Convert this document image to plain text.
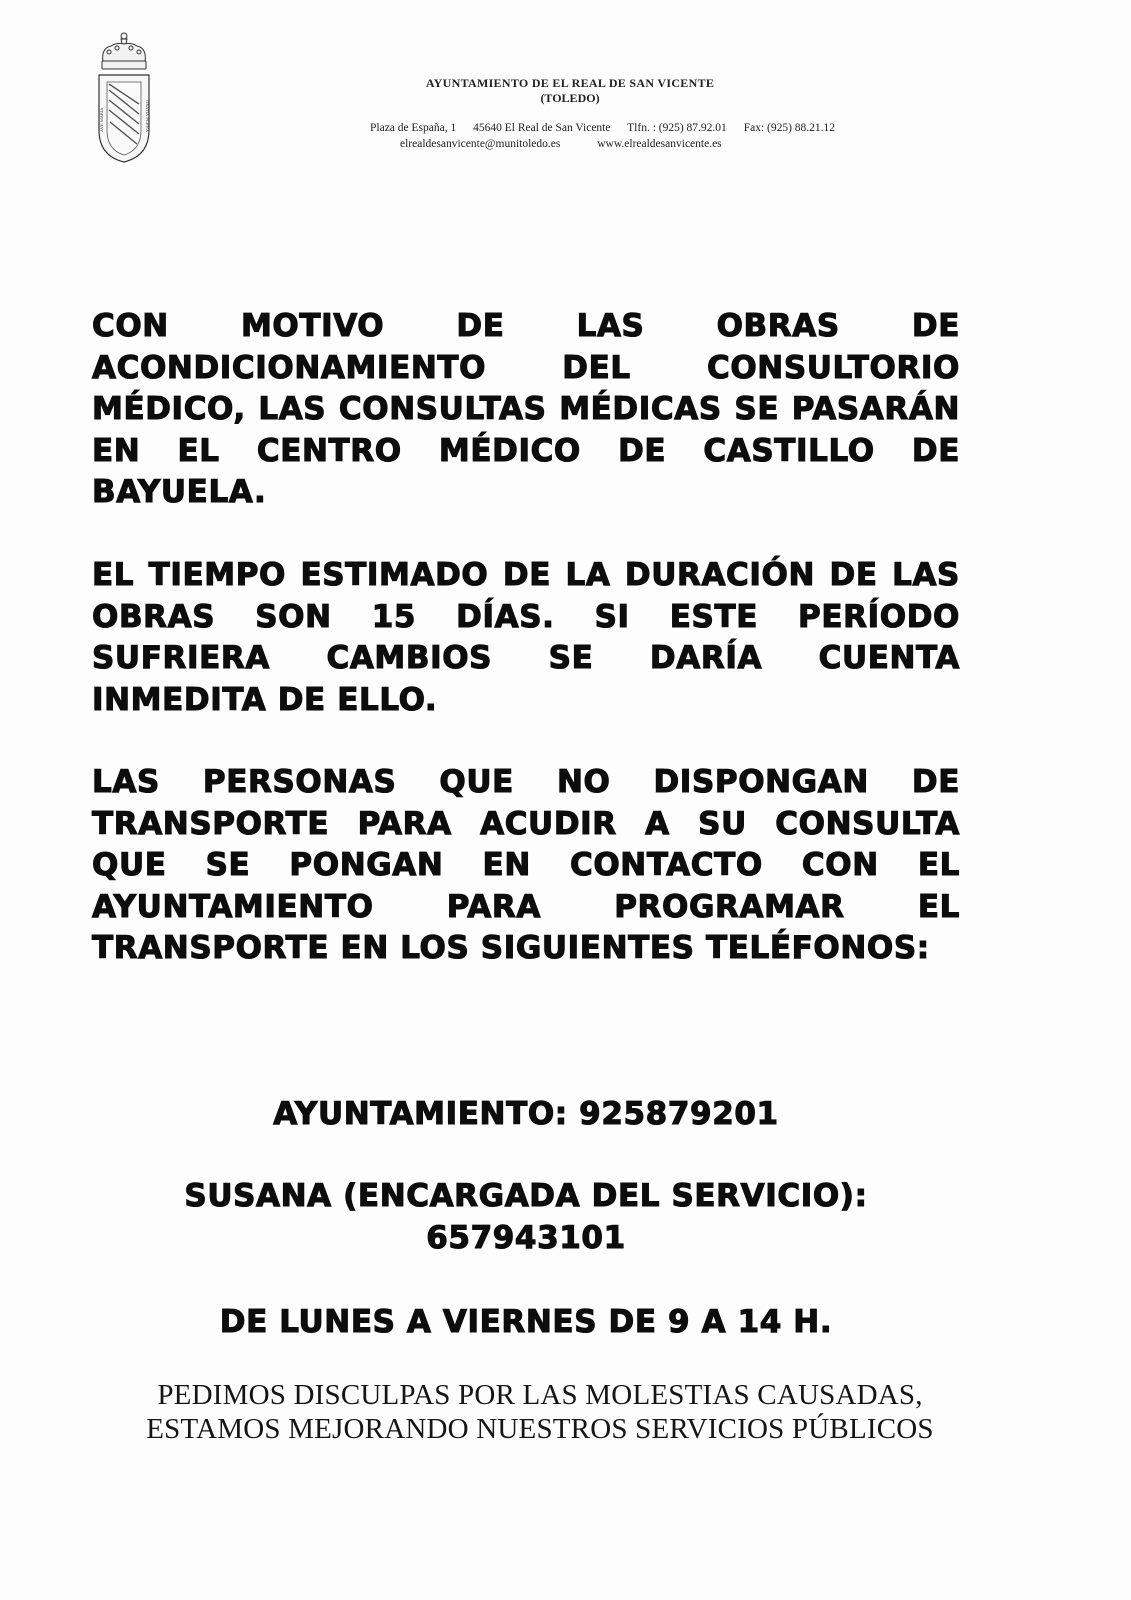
AVE MARIA	GRATIA PLENA
AYUNTAMIENTO DE EL REAL DE SAN VICENTE
(TOLEDO)
Plaza de España, 1 45640 El Real de San Vicente Tlfn. : (925) 87.92.01 Fax: (925) 88.21.12
elrealdesanvicente@munitoledo.es	www.elrealdesanvicente.es

CON MOTIVO DE LAS OBRAS DE ACONDICIONAMIENTO DEL CONSULTORIO MÉDICO, LAS CONSULTAS MÉDICAS SE PASARÁN EN EL CENTRO MÉDICO DE CASTILLO DE BAYUELA.

EL TIEMPO ESTIMADO DE LA DURACIÓN DE LAS OBRAS SON 15 DÍAS. SI ESTE PERÍODO SUFRIERA CAMBIOS SE DARÍA CUENTA INMEDITA DE ELLO.

LAS PERSONAS QUE NO DISPONGAN DE TRANSPORTE PARA ACUDIR A SU CONSULTA QUE SE PONGAN EN CONTACTO CON EL AYUNTAMIENTO PARA PROGRAMAR EL TRANSPORTE EN LOS SIGUIENTES TELÉFONOS:

AYUNTAMIENTO: 925879201
SUSANA (ENCARGADA DEL SERVICIO):
657943101
DE LUNES A VIERNES DE 9 A 14 H.
PEDIMOS DISCULPAS POR LAS MOLESTIAS CAUSADAS,
ESTAMOS MEJORANDO NUESTROS SERVICIOS PÚBLICOS
